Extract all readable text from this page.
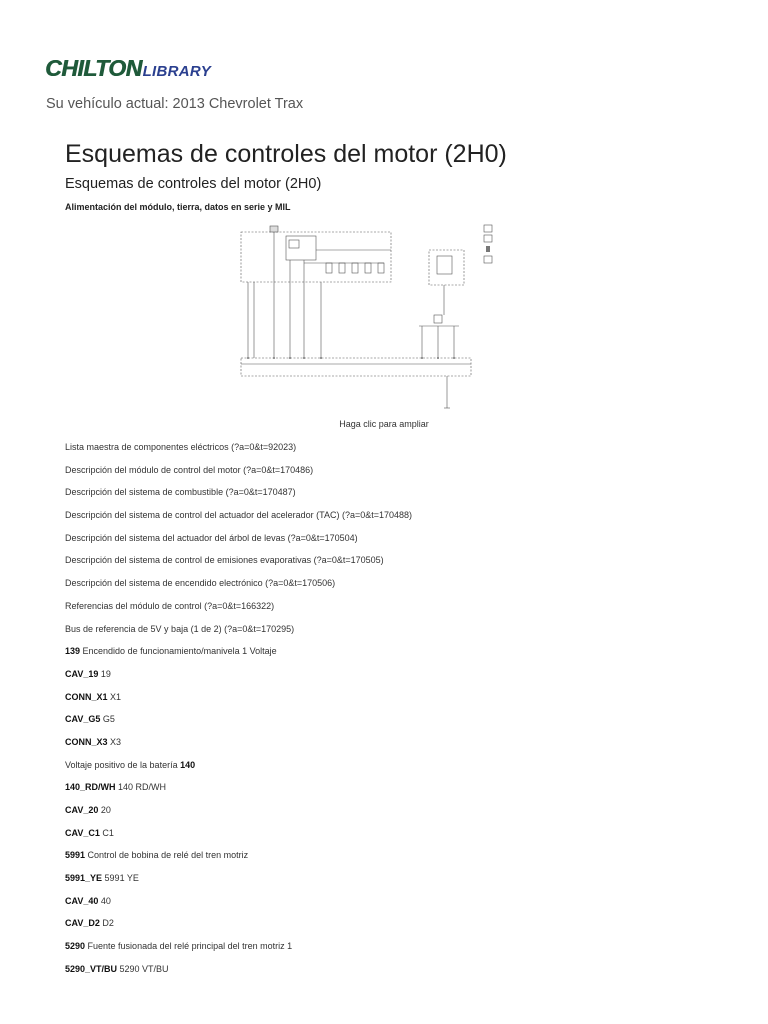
CHILTON LIBRARY
Su vehículo actual: 2013 Chevrolet Trax
Esquemas de controles del motor (2H0)
Esquemas de controles del motor (2H0)
Alimentación del módulo, tierra, datos en serie y MIL
Haga clic para ampliar
Lista maestra de componentes eléctricos (?a=0&t=92023)
Descripción del módulo de control del motor (?a=0&t=170486)
Descripción del sistema de combustible (?a=0&t=170487)
Descripción del sistema de control del actuador del acelerador (TAC) (?a=0&t=170488)
Descripción del sistema del actuador del árbol de levas (?a=0&t=170504)
Descripción del sistema de control de emisiones evaporativas (?a=0&t=170505)
Descripción del sistema de encendido electrónico (?a=0&t=170506)
Referencias del módulo de control (?a=0&t=166322)
Bus de referencia de 5V y baja (1 de 2) (?a=0&t=170295)
139 Encendido de funcionamiento/manivela 1 Voltaje
CAV_19 19
CONN_X1 X1
CAV_G5 G5
CONN_X3 X3
Voltaje positivo de la batería 140
140_RD/WH 140 RD/WH
CAV_20 20
CAV_C1 C1
5991 Control de bobina de relé del tren motriz
5991_YE 5991 YE
CAV_40 40
CAV_D2 D2
5290 Fuente fusionada del relé principal del tren motriz 1
5290_VT/BU 5290 VT/BU
